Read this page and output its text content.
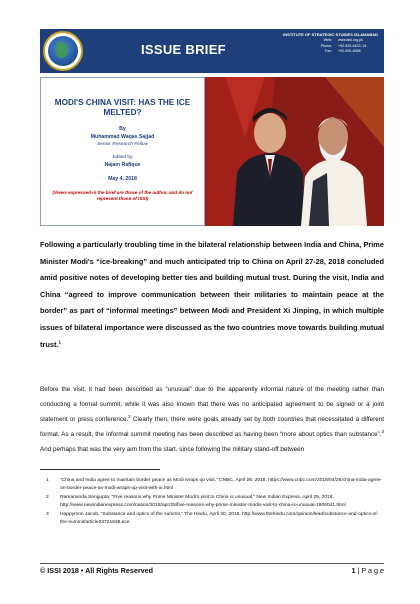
ISSUE BRIEF
INSTITUTE OF STRATEGIC STUDIES ISLAMABAD
Web: www.issi.org.pk
Phone: +92-920-4423, 24
Fax: +92-920-4658
MODI'S CHINA VISIT: HAS THE ICE MELTED?
By
Muhammad Waqas Sajjad
Senior Research Fellow
Edited by
Najam Rafique
May 4, 2018
(Views expressed in the brief are those of the author, and do not represent those of ISSI)
Following a particularly troubling time in the bilateral relationship between India and China, Prime Minister Modi's “ice-breaking” and much anticipated trip to China on April 27-28, 2018 concluded amid positive notes of developing better ties and building mutual trust. During the visit, India and China “agreed to improve communication between their militaries to maintain peace at the border” as part of “informal meetings” between Modi and President Xi Jinping, in which multiple issues of bilateral importance were discussed as the two countries move towards building mutual trust.$^1$
Before the visit, it had been described as “unusual” due to the apparently informal nature of the meeting rather than conducting a formal summit, while it was also known that there was no anticipated agreement to be signed or a joint statement or press conference.$^2$ Clearly then, there were goals already set by both countries that necessitated a different format. As a result, the informal summit meeting has been described as having been “more about optics than substance”.$^3$ And perhaps that was the very aim from the start, since following the military stand-off between
1	“China and India agree to maintain border peace as Modi wraps up visit,” CNBC, April 28, 2018. https://www.cnbc.com/2018/04/28/china-india-agree-on-border-peace-as-modi-wraps-up-visit-with-xi.html
2	Ramananda Sengupta, “Five reasons why Prime Minister Modi's visit to China is unusual,” New Indian Express, April 25, 2018. http://www.newindianexpress.com/nation/2018/apr/25/five-reasons-why-prime-minister-modis-visit-to-china-is-unusual-1806041.html
3	Happymon Jacob, “Substance and optics of the summit,” The Hindu, April 30, 2018. http://www.thehindu.com/opinion/lead/substance-and-optics-of-the-summit/article23721536.ece
© ISSI 2018 • All Rights Reserved	1 | P a g e
